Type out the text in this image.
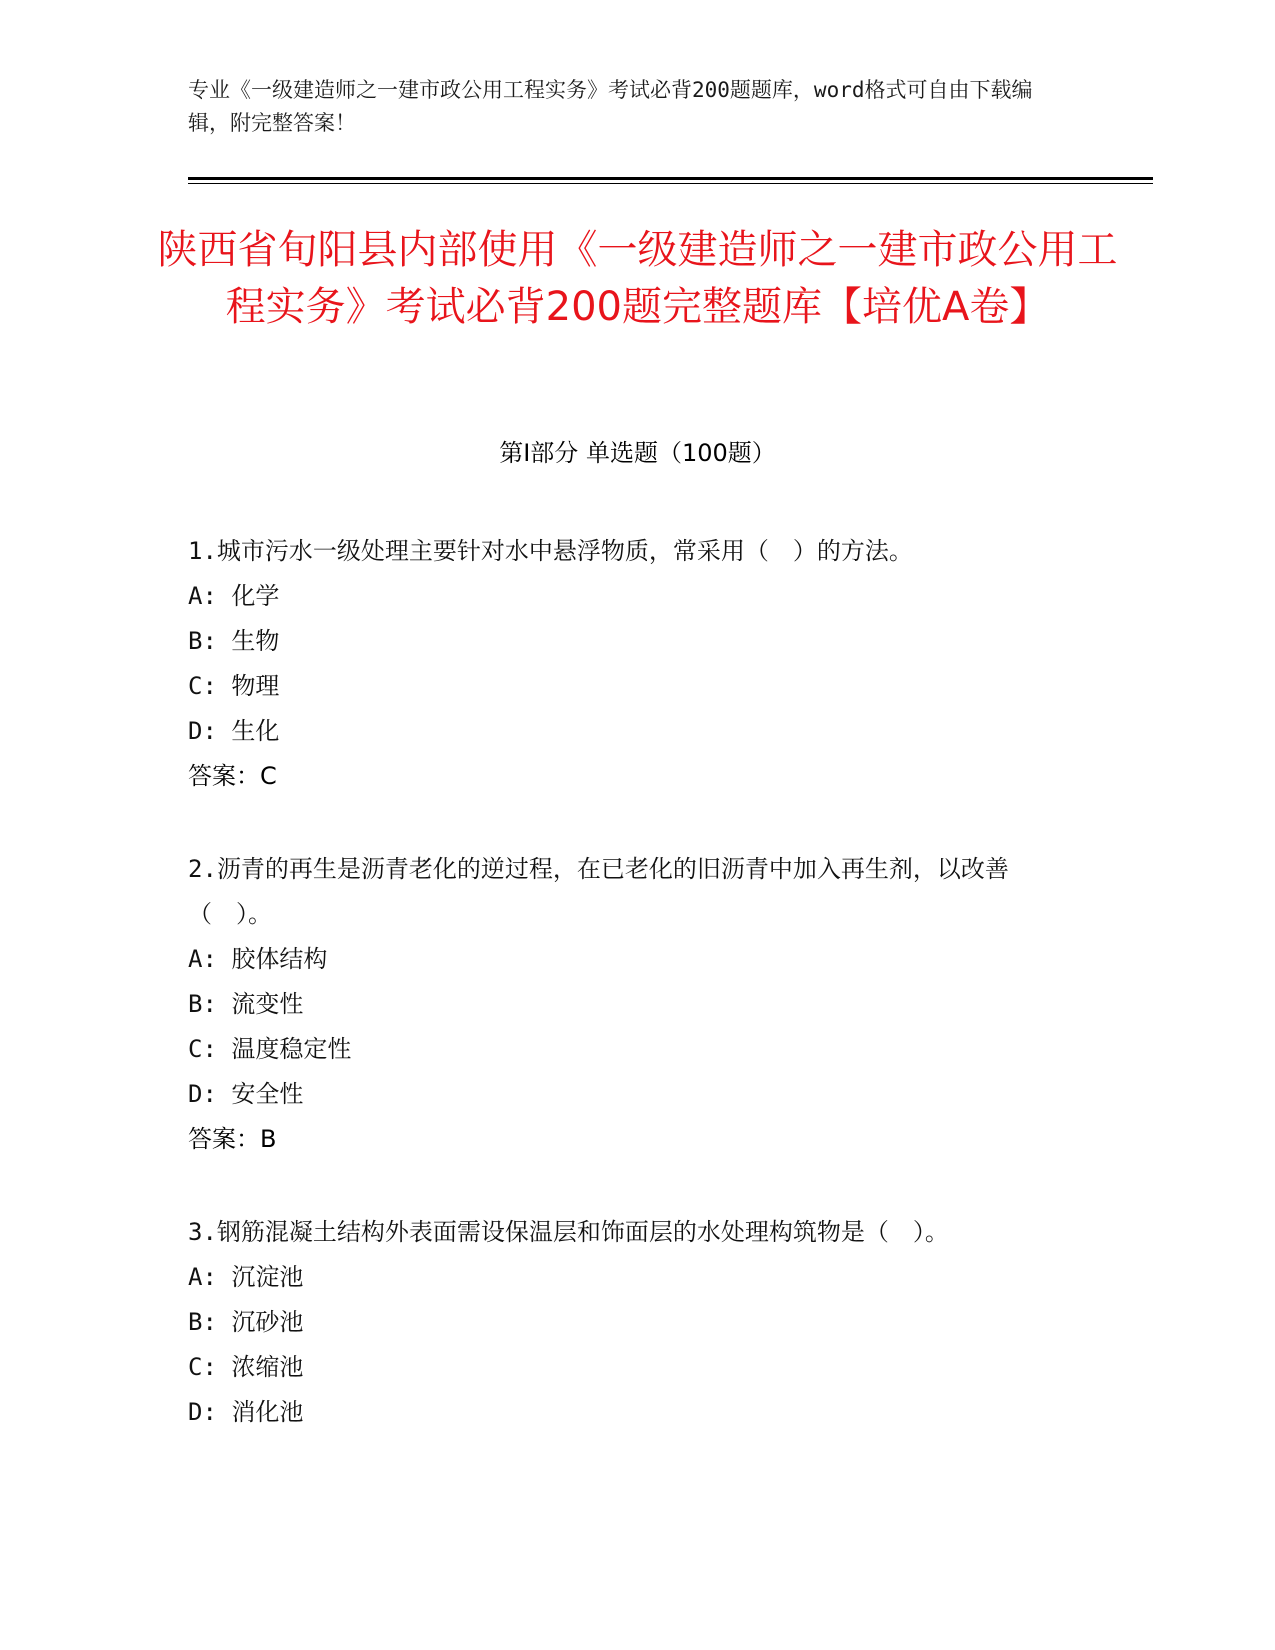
专业《一级建造师之一建市政公用工程实务》考试必背200题题库，word格式可自由下载编辑，附完整答案！
陕西省旬阳县内部使用《一级建造师之一建市政公用工程实务》考试必背200题完整题库【培优A卷】
第Ⅰ部分 单选题（100题）
1.城市污水一级处理主要针对水中悬浮物质，常采用（　）的方法。
A: 化学
B: 生物
C: 物理
D: 生化
答案：C
2.沥青的再生是沥青老化的逆过程，在已老化的旧沥青中加入再生剂，以改善（　）。
A: 胶体结构
B: 流变性
C: 温度稳定性
D: 安全性
答案：B
3.钢筋混凝土结构外表面需设保温层和饰面层的水处理构筑物是（　）。
A: 沉淀池
B: 沉砂池
C: 浓缩池
D: 消化池
